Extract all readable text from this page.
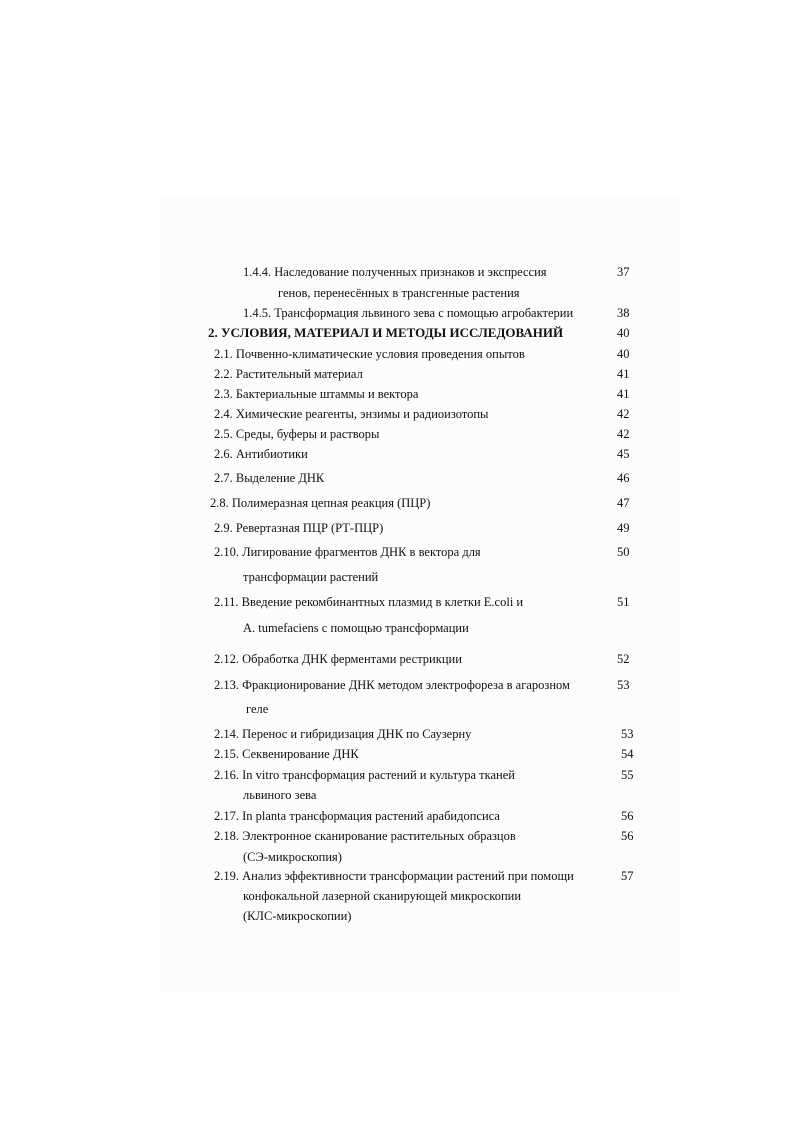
1.4.4. Наследование полученных признаков и экспрессия	37
генов, перенесённых в трансгенные растения
1.4.5. Трансформация львиного зева с помощью агробактерии	38
2. УСЛОВИЯ, МАТЕРИАЛ И МЕТОДЫ ИССЛЕДОВАНИЙ	40
2.1. Почвенно-климатические условия проведения опытов	40
2.2. Растительный материал	41
2.3. Бактериальные штаммы и вектора	41
2.4. Химические реагенты, энзимы и радиоизотопы	42
2.5. Среды, буферы и растворы	42
2.6. Антибиотики	45
2.7. Выделение ДНК	46
2.8. Полимеразная цепная реакция (ПЦР)	47
2.9. Ревертазная ПЦР (РТ-ПЦР)	49
2.10. Лигирование фрагментов ДНК в вектора для	50
трансформации растений
2.11. Введение рекомбинантных плазмид в клетки E.coli и	51
A. tumefaciens с помощью трансформации
2.12. Обработка ДНК ферментами рестрикции	52
2.13. Фракционирование ДНК методом электрофореза в агарозном	53
геле
2.14. Перенос и гибридизация ДНК по Саузерну	53
2.15. Секвенирование ДНК	54
2.16. In vitro трансформация растений и культура тканей	55
львиного зева
2.17. In planta трансформация растений арабидопсиса	56
2.18. Электронное сканирование растительных образцов	56
(СЭ-микроскопия)
2.19. Анализ эффективности трансформации растений при помощи	57
конфокальной лазерной сканирующей микроскопии
(КЛС-микроскопии)
